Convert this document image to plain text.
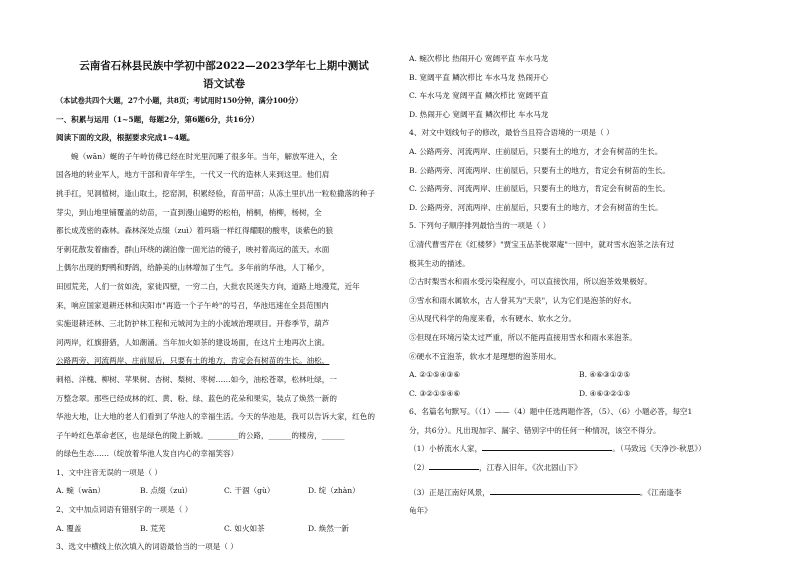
云南省石林县民族中学初中部2022—2023学年七上期中测试
语文试卷

（本试卷共四个大题，27个小题，共8页；考试用时150分钟，满分100分）

一、积累与运用（1~5题，每题2分，第6题6分，共16分）

阅读下面的文段，根据要求完成1~4题。

蜿（wān）蜒的子午岭仿佛已经在时光里沉睡了很多年。当年，解放军进入，全

国各地的转业军人，地方干部和青年学生，一代又一代的造林人来到这里。他们肩

挑手扛，见洞植树，逢山取土，挖窑洞，积累经验，育苗甲苗；从冻土里扒出一粒粒撒落的种子

芽尖，到山地里铺覆盖的幼苗，一直到漫山遍野的松柏，梢桐，梢柳，杨树，全

都长成茂密的森林。森林深处点缀（zuì）着玛瑙一样红得耀眼的酸枣，谈紫色的狼

牙刺花散发着幽香，群山环绕的湖泊像一面光洁的镜子，映衬着高远的蓝天。水面

上偶尔出现的野鸭和野鸽，给静美的山林增加了生气。多年前的华池，人丁稀少，

田园荒芜，人们一贫如洗，家徒四壁，一穷二白，大批农民迷失方向，道路上地漫荒，近年

来，响应国家退耕还林和庆阳市"再造一个子午岭"的号召，华池迅速在全县范围内

实施退耕还林、三北防护林工程和元城河为主的小流域治理项目。开春季节，葫芦

河两岸，红旗猎猎，人如潮涌。当年加火如茶的建设场面，在这片土地再次上演。

公路两旁、河流两岸、庄前屋后，只要有土的地方，肯定会有树苗的生长。油松，

刺梧、洋槐、柳树、苹果树、杏树、梨树、枣树……如今，油松苍翠，松林吐绿，一

万整念翠。那些已经成林的红、黄、粉、绿、蓝色的花朵和果实，装点了焕然一新的

华池大地，让大地的老人们看到了华池人的幸福生活。今天的华池是，我可以告诉大家，红色的

子午岭红色革命老区，也是绿色的陇上新城。________的公路，______的楼房，______

的绿色生态……（绽放着华池人发自内心的幸福笑容）

1、文中注音无误的一项是（ ）

A. 蜿（wān）	B. 点缀（zuì）	C. 干涸（gù）	D. 绽（zhàn）

2、文中加点词语有错别字的一项是（ ）

A. 覆盖	B. 荒芜	C. 如火如茶	D. 焕然一新

3、选文中横线上依次填入的词语最恰当的一项是（ ）

A. 蜿次栉比 热闹开心 宽阔平直 车水马龙

B. 宽阔平直 鳞次栉比 车水马龙 热闹开心

C. 车水马龙 宽阔平直 鳞次栉比 宽阔平直

D. 热闹开心 宽阔平直 鳞次栉比 车水马龙

4、对文中划线句子的修改，最恰当且符合语境的一项是（ ）

A. 公路两旁、河流两岸、庄前屋后，只要有土的地方，才会有树苗的生长。

B. 公路两旁、河流两岸、庄前屋后，只要有土的地方，肯定会有树苗的生长。

C. 公路两旁、河流两岸、庄前屋后，只要有土的地方，肯定会有树苗的生长。

D. 公路两旁、河流两岸、庄前屋后，只要有土的地方，才会有树苗的生长。

5. 下列句子顺序排列最恰当的一项是（ ）

①清代曹雪芹在《红楼梦》"贾宝玉品茶栊翠庵"一回中，就对雪水泡茶之法有过

极其生动的描述。

②古时梨雪水和雨水受污染程度小，可以直接饮用，所以泡茶效果极好。

③雪水和雨水属软水，古人誉其为"天泉"，认为它们是泡茶的好水。

④从现代科学的角度来看，水有硬水、软水之分。

⑤但现在环境污染太过严重，所以不能再直接用雪水和雨水来泡茶。

⑥硬水不宜泡茶，软水才是理想的泡茶用水。

A. ②①⑤④③⑥	B. ④⑥③①②⑤
C. ③②①⑤④⑥	D. ④⑥③②①⑤

6、名篇名句默写。（（1）——（4）题中任选两题作答，（5）、（6）小题必答，每空1

分，共6分）。凡出现加字、漏字、错别字中的任何一种情况，该空不得分。

（1）小桥流水人家，	。（马致远《天净沙·秋思》）

（2）	，江春入旧年。《次北固山下》

（3）正是江南好风景，	。《江南逢李

龟年》
